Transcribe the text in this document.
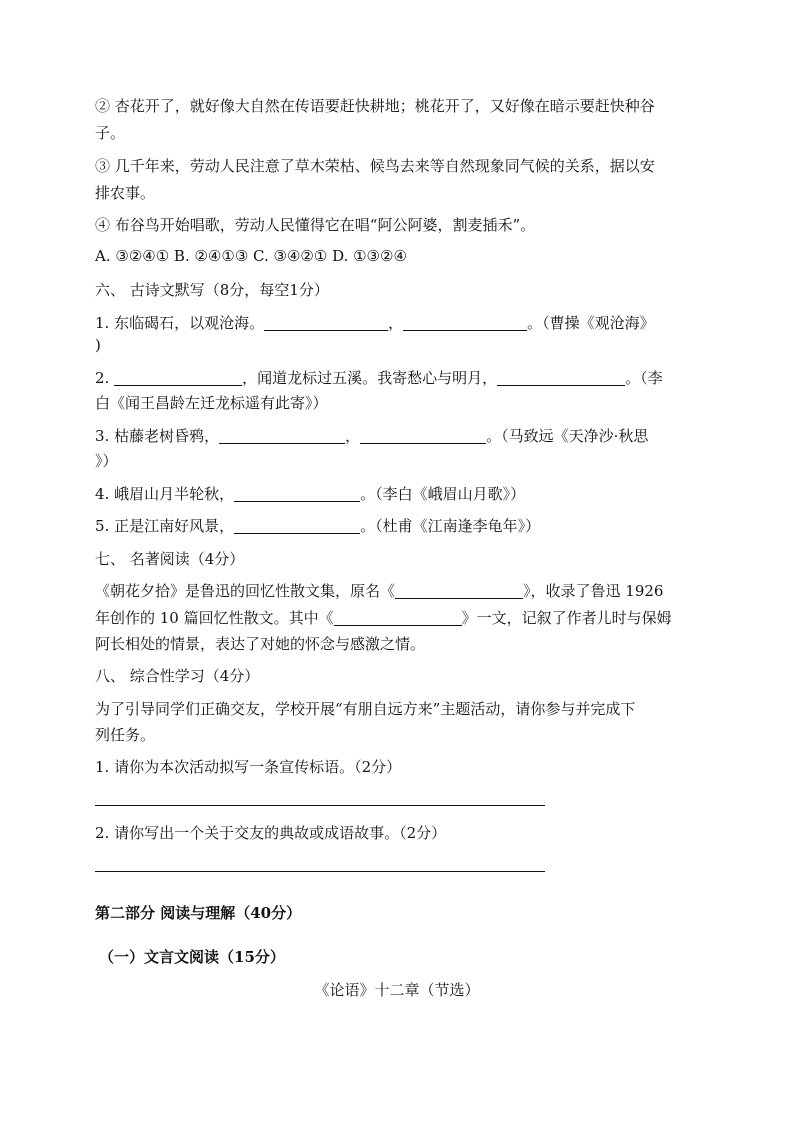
② 杏花开了，就好像大自然在传语要赶快耕地；桃花开了，又好像在暗示要赶快种谷
子。
③ 几千年来，劳动人民注意了草木荣枯、候鸟去来等自然现象同气候的关系，据以安
排农事。
④ 布谷鸟开始唱歌，劳动人民懂得它在唱“阿公阿婆，割麦插禾”。
A. ③②④① B. ②④①③ C. ③④②① D. ①③②④
六、 古诗文默写（8分，每空1分）
1. 东临碣石，以观沧海。	，	。（曹操《观沧海》
)
2.	，闻道龙标过五溪。我寄愁心与明月，	。（李
白《闻王昌龄左迁龙标遥有此寄》）
3. 枯藤老树昏鸦，	，	。（马致远《天净沙·秋思
》）
4. 峨眉山月半轮秋，	。（李白《峨眉山月歌》）
5. 正是江南好风景，	。（杜甫《江南逢李龟年》）
七、 名著阅读（4分）
《朝花夕拾》是鲁迅的回忆性散文集，原名《	》，收录了鲁迅 1926
年创作的 10 篇回忆性散文。其中《	》一文，记叙了作者儿时与保姆
阿长相处的情景，表达了对她的怀念与感激之情。
八、 综合性学习（4分）
为了引导同学们正确交友，学校开展“有朋自远方来”主题活动，请你参与并完成下
列任务。
1. 请你为本次活动拟写一条宣传标语。（2分）
2. 请你写出一个关于交友的典故或成语故事。（2分）
第二部分 阅读与理解（40分）
（一）文言文阅读（15分）
《论语》十二章（节选）
